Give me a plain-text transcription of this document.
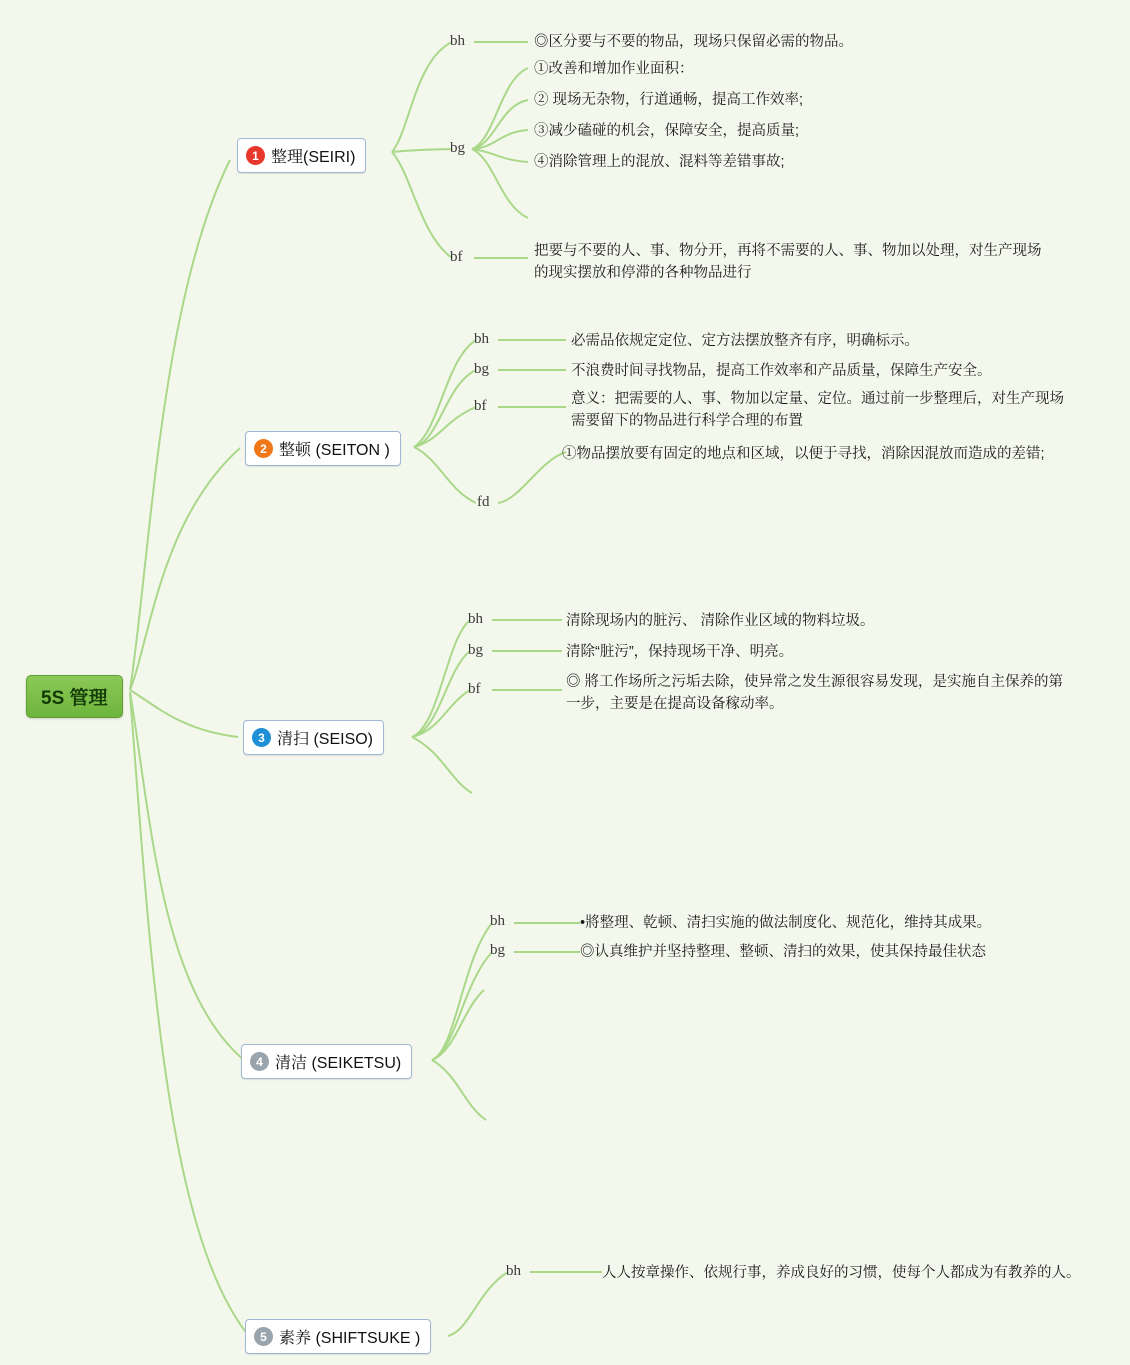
5S 管理
1 整理(SEIRI)
bh
bg
bf
◎区分要与不要的物品，现场只保留必需的物品。
①改善和增加作业面积：
② 现场无杂物，行道通畅，提高工作效率;
③减少磕碰的机会，保障安全，提高质量;
④消除管理上的混放、混料等差错事故;
把要与不要的人、事、物分开，再将不需要的人、事、物加以处理，对生产现场的现实摆放和停滞的各种物品进行
2 整顿 (SEITON )
bh
bg
bf
fd
必需品依规定定位、定方法摆放整齐有序，明确标示。
不浪费时间寻找物品，提高工作效率和产品质量，保障生产安全。
意义：把需要的人、事、物加以定量、定位。通过前一步整理后，对生产现场需要留下的物品进行科学合理的布置
①物品摆放要有固定的地点和区域，以便于寻找，消除因混放而造成的差错;
3 清扫 (SEISO)
bh
bg
bf
清除现场内的脏污、 清除作业区域的物料垃圾。
清除“脏污”，保持现场干净、明亮。
◎ 將工作场所之污垢去除，使异常之发生源很容易发现，是实施自主保养的第一步，主要是在提高设备稼动率。
4 清洁 (SEIKETSU)
bh
bg
•將整理、乾顿、清扫实施的做法制度化、规范化，维持其成果。
◎认真维护并坚持整理、整顿、清扫的效果，使其保持最佳状态
5 素养 (SHIFTSUKE )
bh	人人按章操作、依规行事，养成良好的习惯，使每个人都成为有教养的人。
